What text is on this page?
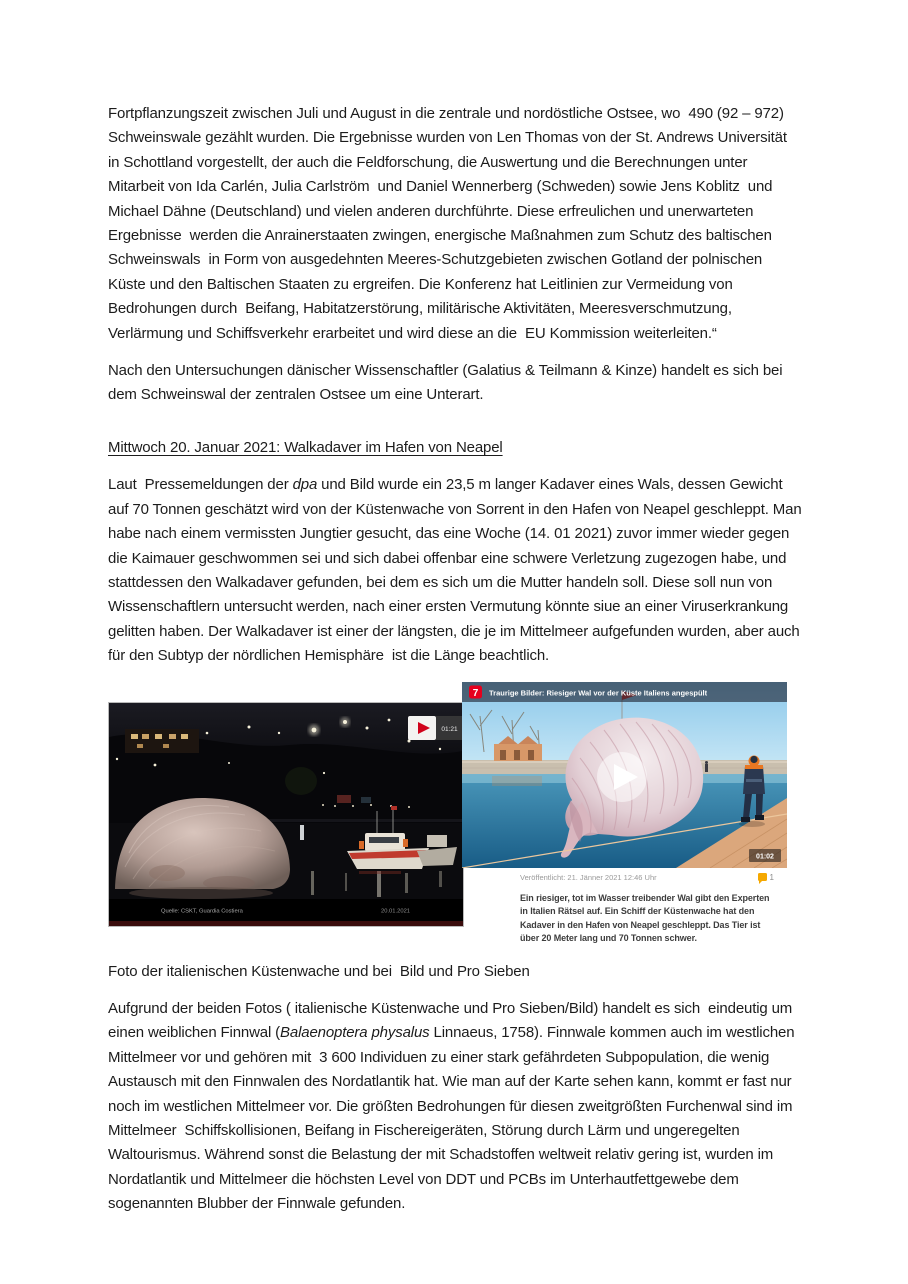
Fortpflanzungszeit zwischen Juli und August in die zentrale und nordöstliche Ostsee, wo  490 (92 – 972) Schweinswale gezählt wurden. Die Ergebnisse wurden von Len Thomas von der St. Andrews Universität in Schottland vorgestellt, der auch die Feldforschung, die Auswertung und die Berechnungen unter Mitarbeit von Ida Carlén, Julia Carlström  und Daniel Wennerberg (Schweden) sowie Jens Koblitz  und Michael Dähne (Deutschland) und vielen anderen durchführte. Diese erfreulichen und unerwarteten  Ergebnisse  werden die Anrainerstaaten zwingen, energische Maßnahmen zum Schutz des baltischen Schweinswals  in Form von ausgedehnten Meeres-Schutzgebieten zwischen Gotland der polnischen Küste und den Baltischen Staaten zu ergreifen. Die Konferenz hat Leitlinien zur Vermeidung von Bedrohungen durch  Beifang, Habitatzerstörung, militärische Aktivitäten, Meeresverschmutzung,  Verlärmung und Schiffsverkehr erarbeitet und wird diese an die  EU Kommission weiterleiten.“

Nach den Untersuchungen dänischer Wissenschaftler (Galatius & Teilmann & Kinze) handelt es sich bei dem Schweinswal der zentralen Ostsee um eine Unterart.

Mittwoch 20. Januar 2021: Walkadaver im Hafen von Neapel

Laut  Pressemeldungen der dpa und Bild wurde ein 23,5 m langer Kadaver eines Wals, dessen Gewicht auf 70 Tonnen geschätzt wird von der Küstenwache von Sorrent in den Hafen von Neapel geschleppt. Man habe nach einem vermissten Jungtier gesucht, das eine Woche (14. 01 2021) zuvor immer wieder gegen die Kaimauer geschwommen sei und sich dabei offenbar eine schwere Verletzung zugezogen habe, und stattdessen den Walkadaver gefunden, bei dem es sich um die Mutter handeln soll. Diese soll nun von Wissenschaftlern untersucht werden, nach einer ersten Vermutung könnte siue an einer Viruserkrankung gelitten haben. Der Walkadaver ist einer der längsten, die je im Mittelmeer aufgefunden wurden, aber auch für den Subtyp der nördlichen Hemisphäre  ist die Länge beachtlich.

01:21
Quelle: CSKT, Guardia Costiera	20.01.2021
01:02
7 Traurige Bilder: Riesiger Wal vor der Küste Italiens angespült
Veröffentlicht: 21. Jänner 2021 12:46 Uhr	1
Ein riesiger, tot im Wasser treibender Wal gibt den Experten in Italien Rätsel auf. Ein Schiff der Küstenwache hat den Kadaver in den Hafen von Neapel geschleppt. Das Tier ist über 20 Meter lang und 70 Tonnen schwer.

Foto der italienischen Küstenwache und bei  Bild und Pro Sieben

Aufgrund der beiden Fotos ( italienische Küstenwache und Pro Sieben/Bild) handelt es sich  eindeutig um einen weiblichen Finnwal (Balaenoptera physalus Linnaeus, 1758). Finnwale kommen auch im westlichen Mittelmeer vor und gehören mit  3 600 Individuen zu einer stark gefährdeten Subpopulation, die wenig Austausch mit den Finnwalen des Nordatlantik hat. Wie man auf der Karte sehen kann, kommt er fast nur noch im westlichen Mittelmeer vor. Die größten Bedrohungen für diesen zweitgrößten Furchenwal sind im Mittelmeer  Schiffskollisionen, Beifang in Fischereigeräten, Störung durch Lärm und ungeregelten Waltourismus. Während sonst die Belastung der mit Schadstoffen weltweit relativ gering ist, wurden im Nordatlantik und Mittelmeer die höchsten Level von DDT und PCBs im Unterhautfettgewebe dem sogenannten Blubber der Finnwale gefunden.
